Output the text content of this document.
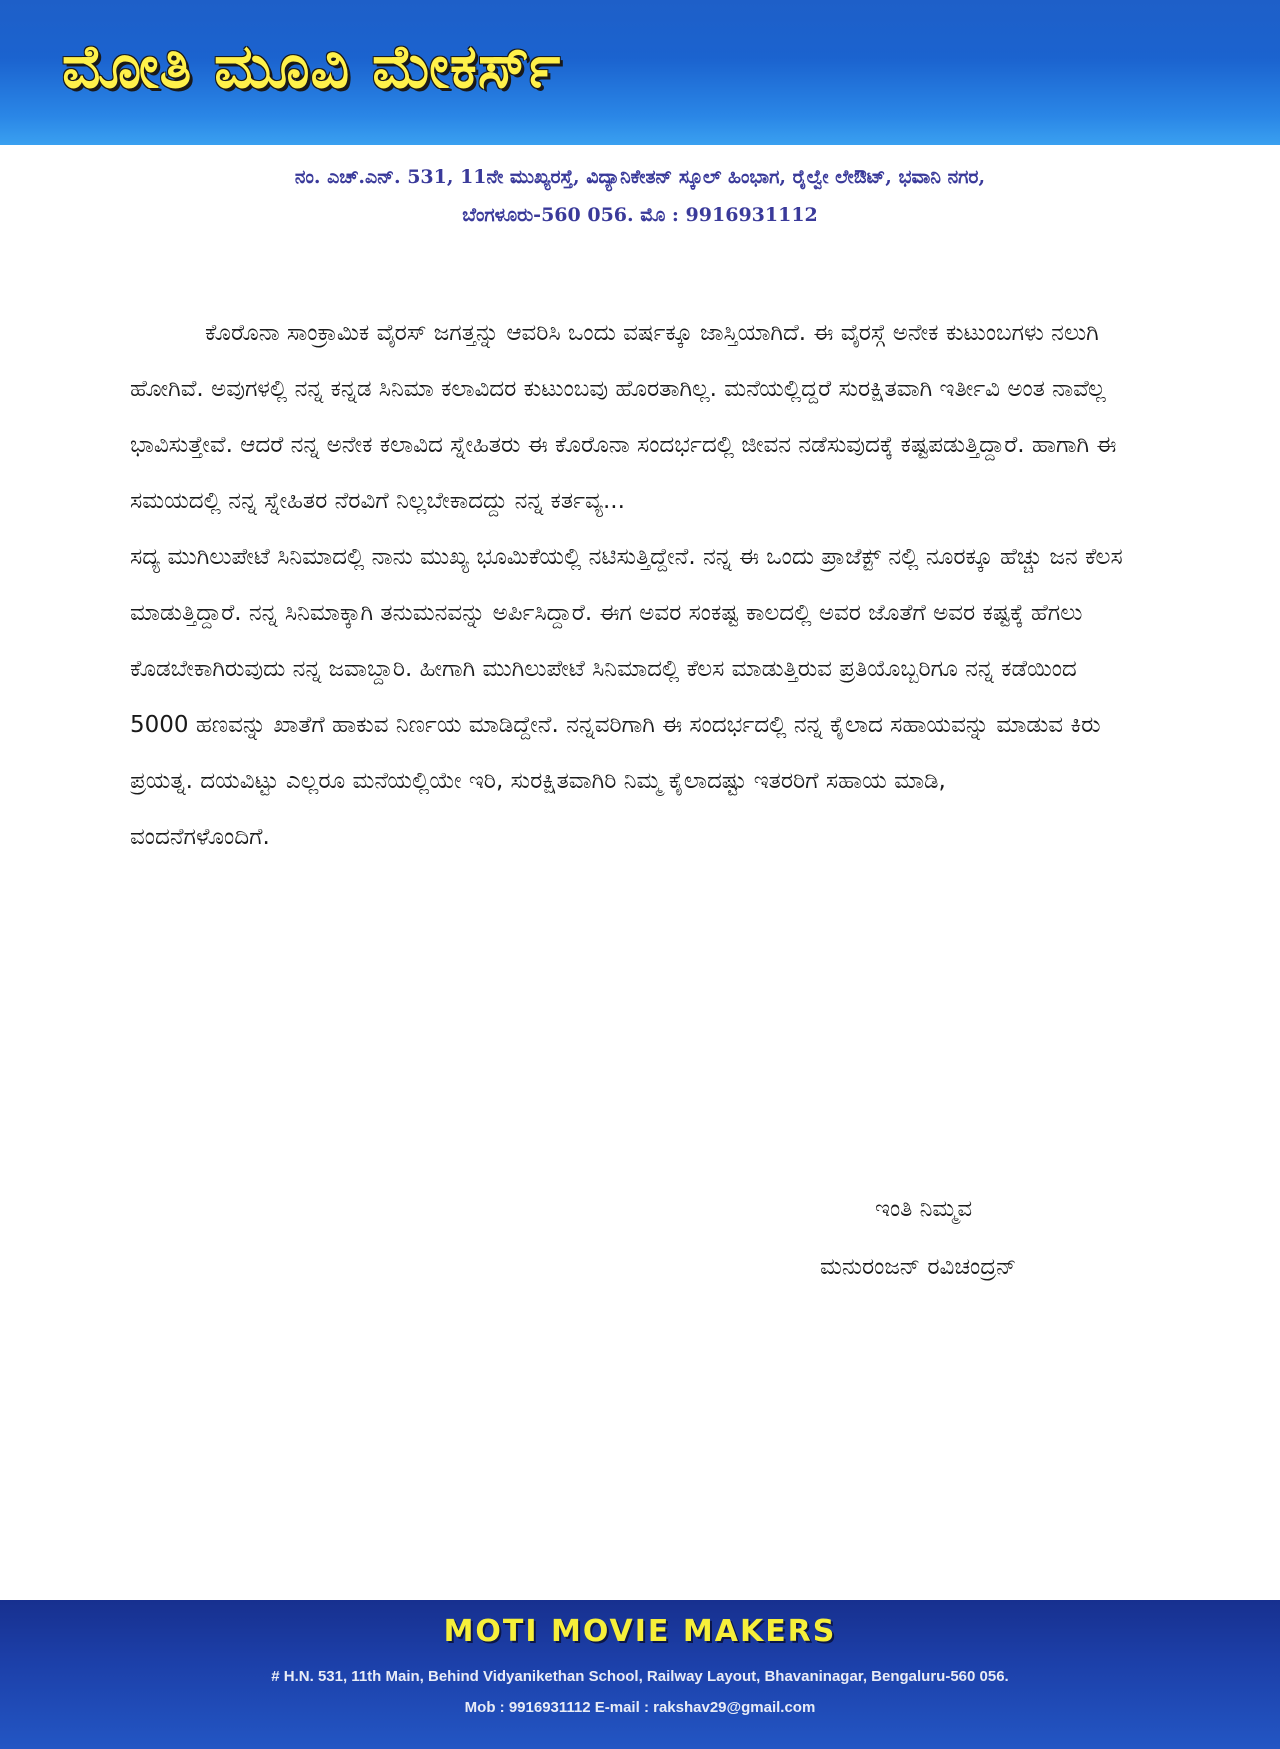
ಮೋತಿ ಮೂವಿ ಮೇಕರ್ಸ್
ನಂ. ಎಚ್.ಎನ್. 531, 11ನೇ ಮುಖ್ಯರಸ್ತೆ, ವಿದ್ಯಾನಿಕೇತನ್ ಸ್ಕೂಲ್ ಹಿಂಭಾಗ, ರೈಲ್ವೇ ಲೇಔಟ್, ಭವಾನಿ ನಗರ,
ಬೆಂಗಳೂರು-560 056. ಮೊ : 9916931112

ಕೊರೊನಾ ಸಾಂಕ್ರಾಮಿಕ ವೈರಸ್ ಜಗತ್ತನ್ನು ಆವರಿಸಿ ಒಂದು ವರ್ಷಕ್ಕೂ ಜಾಸ್ತಿಯಾಗಿದೆ. ಈ ವೈರಸ್ಗೆ ಅನೇಕ ಕುಟುಂಬಗಳು ನಲುಗಿ ಹೋಗಿವೆ. ಅವುಗಳಲ್ಲಿ ನನ್ನ ಕನ್ನಡ ಸಿನಿಮಾ ಕಲಾವಿದರ ಕುಟುಂಬವು ಹೊರತಾಗಿಲ್ಲ. ಮನೆಯಲ್ಲಿದ್ದರೆ ಸುರಕ್ಷಿತವಾಗಿ ಇರ್ತೀವಿ ಅಂತ ನಾವೆಲ್ಲ ಭಾವಿಸುತ್ತೇವೆ. ಆದರೆ ನನ್ನ ಅನೇಕ ಕಲಾವಿದ ಸ್ನೇಹಿತರು ಈ ಕೊರೊನಾ ಸಂದರ್ಭದಲ್ಲಿ ಜೀವನ ನಡೆಸುವುದಕ್ಕೆ ಕಷ್ಟಪಡುತ್ತಿದ್ದಾರೆ. ಹಾಗಾಗಿ ಈ ಸಮಯದಲ್ಲಿ ನನ್ನ ಸ್ನೇಹಿತರ ನೆರವಿಗೆ ನಿಲ್ಲಬೇಕಾದದ್ದು ನನ್ನ ಕರ್ತವ್ಯ...

ಸದ್ಯ ಮುಗಿಲುಪೇಟೆ ಸಿನಿಮಾದಲ್ಲಿ ನಾನು ಮುಖ್ಯ ಭೂಮಿಕೆಯಲ್ಲಿ ನಟಿಸುತ್ತಿದ್ದೇನೆ. ನನ್ನ ಈ ಒಂದು ಪ್ರಾಜೆಕ್ಟ್ ನಲ್ಲಿ ನೂರಕ್ಕೂ ಹೆಚ್ಚು ಜನ ಕೆಲಸ ಮಾಡುತ್ತಿದ್ದಾರೆ. ನನ್ನ ಸಿನಿಮಾಕ್ಕಾಗಿ ತನುಮನವನ್ನು ಅರ್ಪಿಸಿದ್ದಾರೆ. ಈಗ ಅವರ ಸಂಕಷ್ಟ ಕಾಲದಲ್ಲಿ ಅವರ ಜೊತೆಗೆ ಅವರ ಕಷ್ಟಕ್ಕೆ ಹೆಗಲು ಕೊಡಬೇಕಾಗಿರುವುದು ನನ್ನ ಜವಾಬ್ದಾರಿ. ಹೀಗಾಗಿ ಮುಗಿಲುಪೇಟೆ ಸಿನಿಮಾದಲ್ಲಿ ಕೆಲಸ ಮಾಡುತ್ತಿರುವ ಪ್ರತಿಯೊಬ್ಬರಿಗೂ ನನ್ನ ಕಡೆಯಿಂದ 5000 ಹಣವನ್ನು ಖಾತೆಗೆ ಹಾಕುವ ನಿರ್ಣಯ ಮಾಡಿದ್ದೇನೆ. ನನ್ನವರಿಗಾಗಿ ಈ ಸಂದರ್ಭದಲ್ಲಿ ನನ್ನ ಕೈಲಾದ ಸಹಾಯವನ್ನು ಮಾಡುವ ಕಿರು ಪ್ರಯತ್ನ. ದಯವಿಟ್ಟು ಎಲ್ಲರೂ ಮನೆಯಲ್ಲಿಯೇ ಇರಿ, ಸುರಕ್ಷಿತವಾಗಿರಿ ನಿಮ್ಮ ಕೈಲಾದಷ್ಟು ಇತರರಿಗೆ ಸಹಾಯ ಮಾಡಿ,

ವಂದನೆಗಳೊಂದಿಗೆ.

ಇಂತಿ ನಿಮ್ಮವ
ಮನುರಂಜನ್ ರವಿಚಂದ್ರನ್
MOTI MOVIE MAKERS
# H.N. 531, 11th Main, Behind Vidyanikethan School, Railway Layout, Bhavaninagar, Bengaluru-560 056.
Mob : 9916931112 E-mail : rakshav29@gmail.com
